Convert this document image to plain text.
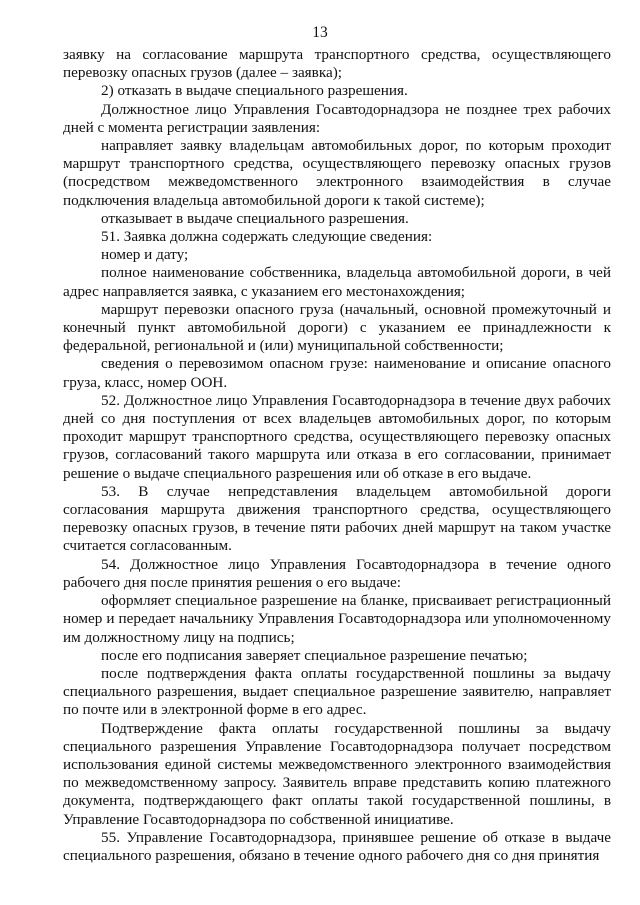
13

заявку на согласование маршрута транспортного средства, осуществляющего перевозку опасных грузов (далее – заявка);

2) отказать в выдаче специального разрешения.

Должностное лицо Управления Госавтодорнадзора не позднее трех рабочих дней с момента регистрации заявления:

направляет заявку владельцам автомобильных дорог, по которым проходит маршрут транспортного средства, осуществляющего перевозку опасных грузов (посредством межведомственного электронного взаимодействия в случае подключения владельца автомобильной дороги к такой системе);

отказывает в выдаче специального разрешения.

51. Заявка должна содержать следующие сведения:

номер и дату;

полное наименование собственника, владельца автомобильной дороги, в чей адрес направляется заявка, с указанием его местонахождения;

маршрут перевозки опасного груза (начальный, основной промежуточный и конечный пункт автомобильной дороги) с указанием ее принадлежности к федеральной, региональной и (или) муниципальной собственности;

сведения о перевозимом опасном грузе: наименование и описание опасного груза, класс, номер ООН.

52. Должностное лицо Управления Госавтодорнадзора в течение двух рабочих дней со дня поступления от всех владельцев автомобильных дорог, по которым проходит маршрут транспортного средства, осуществляющего перевозку опасных грузов, согласований такого маршрута или отказа в его согласовании, принимает решение о выдаче специального разрешения или об отказе в его выдаче.

53. В случае непредставления владельцем автомобильной дороги согласования маршрута движения транспортного средства, осуществляющего перевозку опасных грузов, в течение пяти рабочих дней маршрут на таком участке считается согласованным.

54. Должностное лицо Управления Госавтодорнадзора в течение одного рабочего дня после принятия решения о его выдаче:

оформляет специальное разрешение на бланке, присваивает регистрационный номер и передает начальнику Управления Госавтодорнадзора или уполномоченному им должностному лицу на подпись;

после его подписания заверяет специальное разрешение печатью;

после подтверждения факта оплаты государственной пошлины за выдачу специального разрешения, выдает специальное разрешение заявителю, направляет по почте или в электронной форме в его адрес.

Подтверждение факта оплаты государственной пошлины за выдачу специального разрешения Управление Госавтодорнадзора получает посредством использования единой системы межведомственного электронного взаимодействия по межведомственному запросу. Заявитель вправе представить копию платежного документа, подтверждающего факт оплаты такой государственной пошлины, в Управление Госавтодорнадзора по собственной инициативе.

55. Управление Госавтодорнадзора, принявшее решение об отказе в выдаче специального разрешения, обязано в течение одного рабочего дня со дня принятия
